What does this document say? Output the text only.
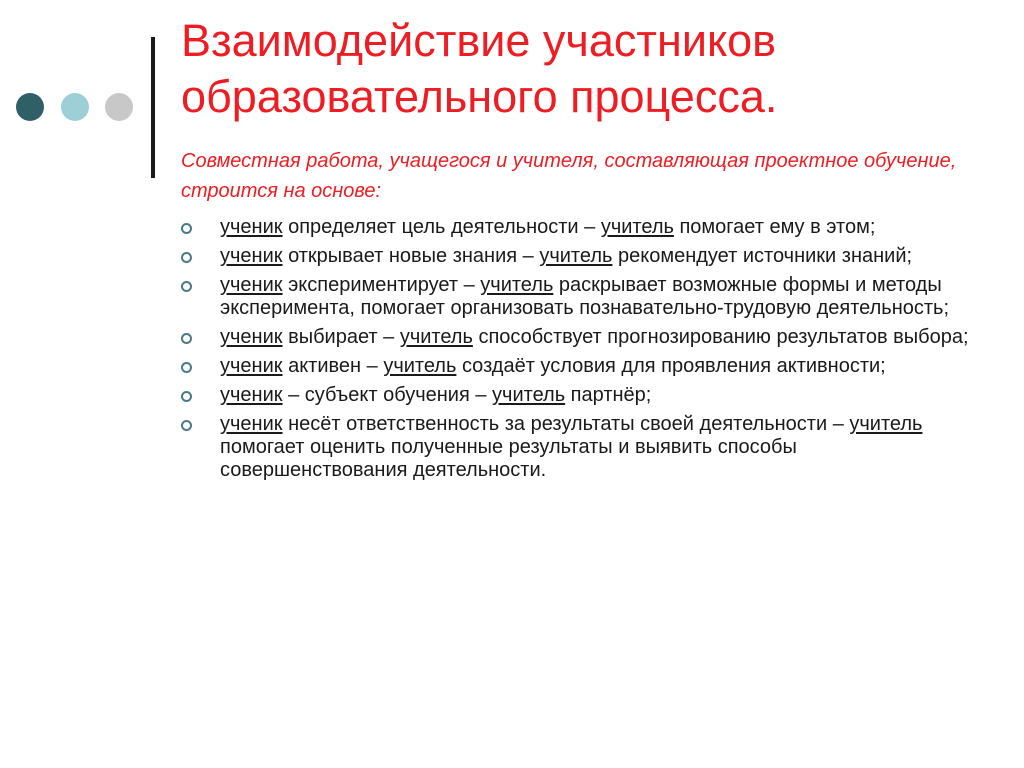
Взаимодействие участников образовательного процесса.

Совместная работа, учащегося и учителя, составляющая проектное обучение, строится на основе:

ученик определяет цель деятельности – учитель помогает ему в этом;
ученик открывает новые знания – учитель рекомендует источники знаний;
ученик экспериментирует – учитель раскрывает возможные формы и методы эксперимента, помогает организовать познавательно-трудовую деятельность;
ученик выбирает – учитель способствует прогнозированию результатов выбора;
ученик активен – учитель создаёт условия для проявления активности;
ученик – субъект обучения – учитель партнёр;
ученик несёт ответственность за результаты своей деятельности – учитель помогает оценить полученные результаты и выявить способы совершенствования деятельности.
